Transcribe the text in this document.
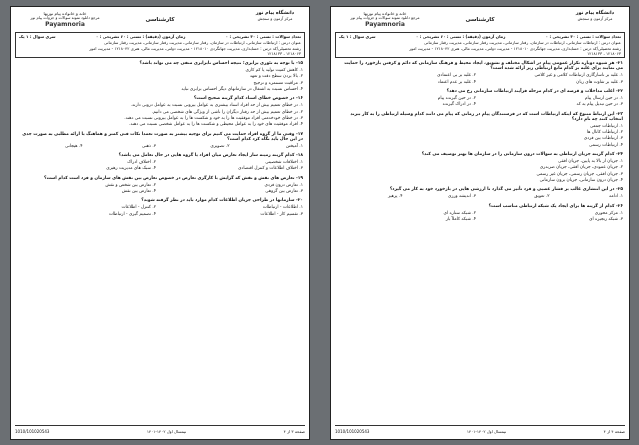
دانشگاه پیام نور
مرکز آزمون و سنجش
کارشناسی
خانه و خانواده پیام نوریها
مرجع دانلود نمونه سوالات و جزوات پیام نور
Payamnoria
تعداد سوالات : تستی : ۳۰ تشریحی : ۰
زمان آزمون (دقیقه) : تستی : ۶۰ تشریحی : ۰
سری سوال : ۱ یک
عنوان درس : ارتباطات سازمانی، ارتباطات در سازمان، رفتار سازمانی، مدیریت رفتار سازمانی، مدیریت رفتار سازمانی
رشته تحصیلی/کد درس : حسابداری، مدیریت جهانگردی ۱۲۱۸۰۱۰ - مدیریت دولتی، مدیریت مالی، هنری ۱۲۱۸۰۴۲ - مدیریت امور
۱۲۱۸۱۳۳ ، ۱۲۱۸۰۶۳
۱۵- با توجه به تئوری برابری؛ نتیجه احساس نابرابری منفی چه می تواند باشد؟
۱. کاهش کمیت تولید یا کم کاری
۲. بالا بردن سطح دقت و تعهد
۳. مراقبت مستمره و ترجیح
۴. احساس نسبت به اشتغال در سازمانهای دیگر احساس برابری نباید
۱۶- در خصوص خطای اسناد کدام گزینه صحیح است؟
۱. در خطای تعمیم بیش از حد افراد اسناد بیشتری به عوامل بیرونی نسبت به عوامل درونی دارند.
۲. در خطای تعمیم بیش از حد رفتار دیگران را ناشی از ویژگی های شخصی می دانیم.
۳. در خطای خودخدمتی افراد موفقیت ها را به خود و شکست ها را به عوامل بیرونی نسبت می دهند.
۴. افراد موفقیت های خود را به عوامل محیطی و شکست ها را به عوامل شخصی نسبت می دهند.
۱۷- وقتی ما از گروه افراد حمایت می کنیم برای توجیه بیشتر به صورت تعمدا نکات فنی کمتر و هماهنگ با ارائه مطلبی به صورت جدی در این حال باید نگاه کرد کدام است؟
۱. آمیختن
۲. تصویری
۳. ذهنی
۴. هیجانی
۱۸- کدام گزینه زمینه ساز ایجاد تعارض میان افراد یا گروه هایی در حال تعامل می باشد؟
۱. اختلافات شخصیتی
۲. اختلاف ادراک
۳. اختلاف اطلاعات و کنترل اقتصادی
۴. سبک های مدیریت رهبری
۱۹- تعارض های نقش و نقش که گرایش با کارگری تعارض در خصوص تعارض بین نقش های سازمان و فرد است کدام است؟
۱. تعارض درون فردی
۲. تعارض بین شخص و نقش
۳. تعارض بین گروهی
۴. تعارض بین نقش
۲۰- سازمانها در طراحی جریان اطلاعات کدام موارد باید در نظر گرفته شوند؟
۱. اطلاعات - ارتباطات
۲. کنترل - اطلاعات
۳. تقسیم کار - اطلاعات
۴. تصمیم گیری - ارتباطات
صفحه ۳ از ۴
نیمسال اول ۱۴۰۲-۱۴۰۱
1010/101020543
دانشگاه پیام نور
مرکز آزمون و سنجش
کارشناسی
خانه و خانواده پیام نوریها
مرجع دانلود نمونه سوالات و جزوات پیام نور
Payamnoria
تعداد سوالات : تستی : ۳۰ تشریحی : ۰
زمان آزمون (دقیقه) : تستی : ۶۰ تشریحی : ۰
سری سوال : ۱ یک
عنوان درس : ارتباطات سازمانی، ارتباطات در سازمان، رفتار سازمانی، مدیریت رفتار سازمانی، مدیریت رفتار سازمانی
رشته تحصیلی/کد درس : حسابداری، مدیریت جهانگردی ۱۲۱۸۰۱۰ - مدیریت دولتی، مدیریت مالی، هنری ۱۲۱۸۰۴۲ - مدیریت امور
۱۲۱۸۱۳۳ ، ۱۲۱۸۰۶۳
۲۱- هر شیوه دوباره تکرار عمومی پیام در اشکال مختلف و تشویق، ایجاد محیط و فرهنگ سازمانی که دائم و کرفتن بازخورد را حمایت می نمایند برای غلبه بر کدام مانع ارتباطی زیر ارائه شده است؟
۱. غلبه بر ناسازگاری ارتباطات کلامی و غیر کلامی
۲. غلبه بر بی اعتمادی
۳. غلبه بر تفاوت های زبان
۴. غلبه بر عدم اعتماد
۲۲- اغلب مداخلات و قرصه ای در کدام مرحله فرآیند ارتباطات سازمانی رخ می دهد؟
۱. در حین ارسال پیام
۲. در حین گیرنده پیام
۳. در حین تبدیل پیام به کد
۴. در ادراک گیرنده
۲۳- این ارتباط متنوع که اینکه ارتباطات است که در فرستندگان پیام در زمانی که پیام می دانند کدام وسیله ارتباطی را به کار ببرند انتخاب کنند چه نام دارد؟
۱. ارتباطات جمعی
۲. ارتباطات کانال ها
۳. ارتباطات بین فردی
۴. ارتباطات رسمی
۲۴- کدام گزینه جریان ارتباطی به سوالات درون سازمانی را در سازمان ها بهتر توصیف می کند؟
۱. جریان از بالا به پایین، جریان افقی
۲. جریان عمودی، جریان افقی، جریان ضربدری
۳. جریان افقی، جریان رسمی، جریان غیر رسمی
۴. جریان درون سازمانی، جریان برون سازمانی
۲۵- در این انتشاری غالب بر فشار عصبی و فرد تأثیر می گذارد تا ارزشی هایی در بازخورد خود به کار می گیرد؟
۱. ادامه
۲. تعویق
۳. اندیشه ورزی
۴. پرهیز
۲۶- کدام از گزینه ها برای ایجاد یک شبکه ارتباطی مناسب است؟
۱. مرکز محوری
۲. شبکه ستاره ای
۳. شبکه زنجیره ای
۴. شبکه کاملاً باز
صفحه ۴ از ۴
نیمسال اول ۱۴۰۲-۱۴۰۱
1010/101020543
